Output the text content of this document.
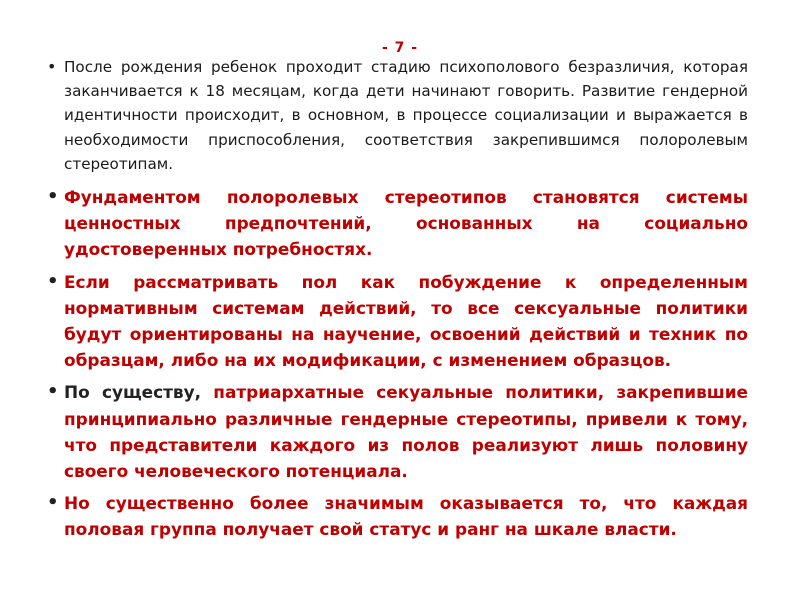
- 7 -
• После рождения ребенок проходит стадию психополового безразличия, которая заканчивается к 18 месяцам, когда дети начинают говорить. Развитие гендерной идентичности происходит, в основном, в процессе социализации и выражается в необходимости приспособления, соответствия закрепившимся полоролевым стереотипам.
• Фундаментом полоролевых стереотипов становятся системы ценностных предпочтений, основанных на социально удостоверенных потребностях.
• Если рассматривать пол как побуждение к определенным нормативным системам действий, то все сексуальные политики будут ориентированы на научение, освоений действий и техник по образцам, либо на их модификации, с изменением образцов.
• По существу, патриархатные секуальные политики, закрепившие принципиально различные гендерные стереотипы, привели к тому, что представители каждого из полов реализуют лишь половину своего человеческого потенциала.
• Но существенно более значимым оказывается то, что каждая половая группа получает свой статус и ранг на шкале власти.
